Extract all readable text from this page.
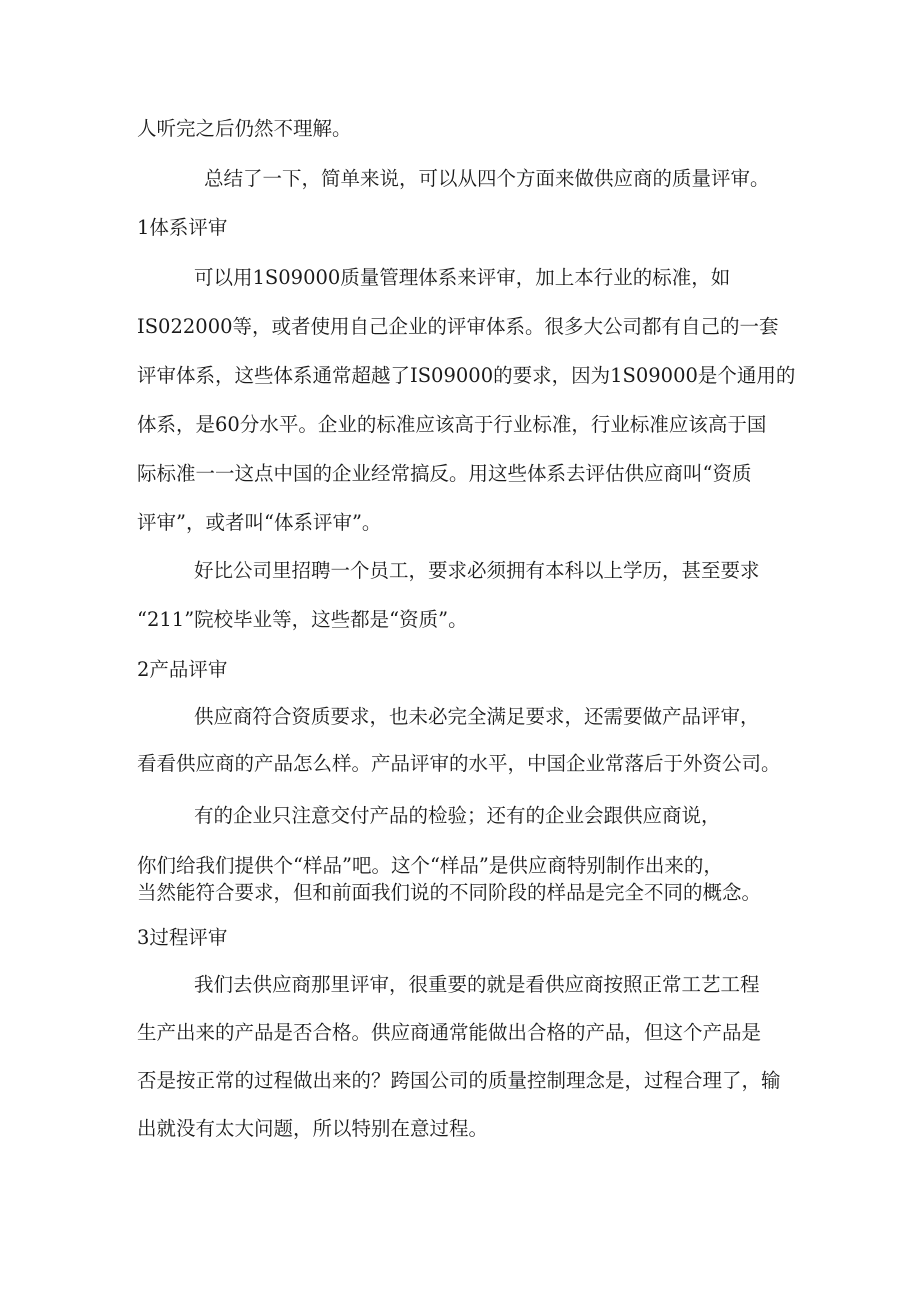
人听完之后仍然不理解。
总结了一下，简单来说，可以从四个方面来做供应商的质量评审。
1体系评审
可以用1S09000质量管理体系来评审，加上本行业的标准，如
IS022000等，或者使用自己企业的评审体系。很多大公司都有自己的一套
评审体系，这些体系通常超越了IS09000的要求，因为1S09000是个通用的
体系，是60分水平。企业的标准应该高于行业标准，行业标准应该高于国
际标准一一这点中国的企业经常搞反。用这些体系去评估供应商叫“资质
评审”，或者叫“体系评审”。
好比公司里招聘一个员工，要求必须拥有本科以上学历，甚至要求
“211”院校毕业等，这些都是“资质”。
2产品评审
供应商符合资质要求，也未必完全满足要求，还需要做产品评审，
看看供应商的产品怎么样。产品评审的水平，中国企业常落后于外资公司。
有的企业只注意交付产品的检验；还有的企业会跟供应商说，
你们给我们提供个“样品”吧。这个“样品”是供应商特别制作出来的，
当然能符合要求，但和前面我们说的不同阶段的样品是完全不同的概念。
3过程评审
我们去供应商那里评审，很重要的就是看供应商按照正常工艺工程
生产出来的产品是否合格。供应商通常能做出合格的产品，但这个产品是
否是按正常的过程做出来的？跨国公司的质量控制理念是，过程合理了，输
出就没有太大问题，所以特别在意过程。
